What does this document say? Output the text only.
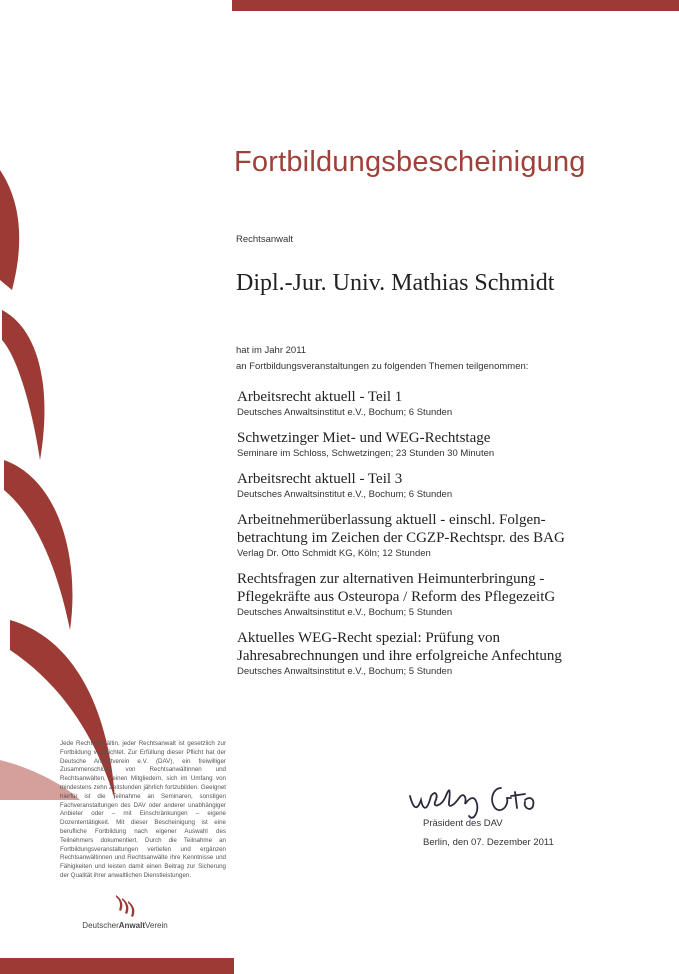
Fortbildungsbescheinigung
Rechtsanwalt
Dipl.-Jur. Univ. Mathias Schmidt
hat im Jahr 2011
an Fortbildungsveranstaltungen zu folgenden Themen teilgenommen:
Arbeitsrecht aktuell - Teil 1
Deutsches Anwaltsinstitut e.V., Bochum; 6 Stunden
Schwetzinger Miet- und WEG-Rechtstage
Seminare im Schloss, Schwetzingen; 23 Stunden 30 Minuten
Arbeitsrecht aktuell - Teil 3
Deutsches Anwaltsinstitut e.V., Bochum; 6 Stunden
Arbeitnehmerüberlassung aktuell - einschl. Folgen-
betrachtung im Zeichen der CGZP-Rechtspr. des BAG
Verlag Dr. Otto Schmidt KG, Köln; 12 Stunden
Rechtsfragen zur alternativen Heimunterbringung -
Pflegekräfte aus Osteuropa / Reform des PflegezeitG
Deutsches Anwaltsinstitut e.V., Bochum; 5 Stunden
Aktuelles WEG-Recht spezial: Prüfung von
Jahresabrechnungen und ihre erfolgreiche Anfechtung
Deutsches Anwaltsinstitut e.V., Bochum; 5 Stunden
Jede Rechtsanwältin, jeder Rechtsanwalt ist gesetzlich zur Fortbildung verpflichtet. Zur Erfüllung dieser Pflicht hat der Deutsche Anwaltverein e.V. (DAV), ein freiwilliger Zusammenschluss von Rechtsanwältinnen und Rechtsanwälten, seinen Mitgliedern, sich im Umfang von mindestens zehn Zeitstunden jährlich fortzubilden. Geeignet hierfür ist die Teilnahme an Seminaren, sonstigen Fachveranstaltungen des DAV oder anderer unabhängiger Anbieter oder – mit Einschränkungen – eigene Dozententätigkeit. Mit dieser Bescheinigung ist eine berufliche Fortbildung nach eigener Auswahl des Teilnehmers dokumentiert. Durch die Teilnahme an Fortbildungsveranstaltungen vertiefen und ergänzen Rechtsanwältinnen und Rechtsanwälte ihre Kenntnisse und Fähigkeiten und leisten damit einen Beitrag zur Sicherung der Qualität ihrer anwaltlichen Dienstleistungen.
DeutscherAnwaltVerein
Präsident des DAV
Berlin, den 07. Dezember 2011
